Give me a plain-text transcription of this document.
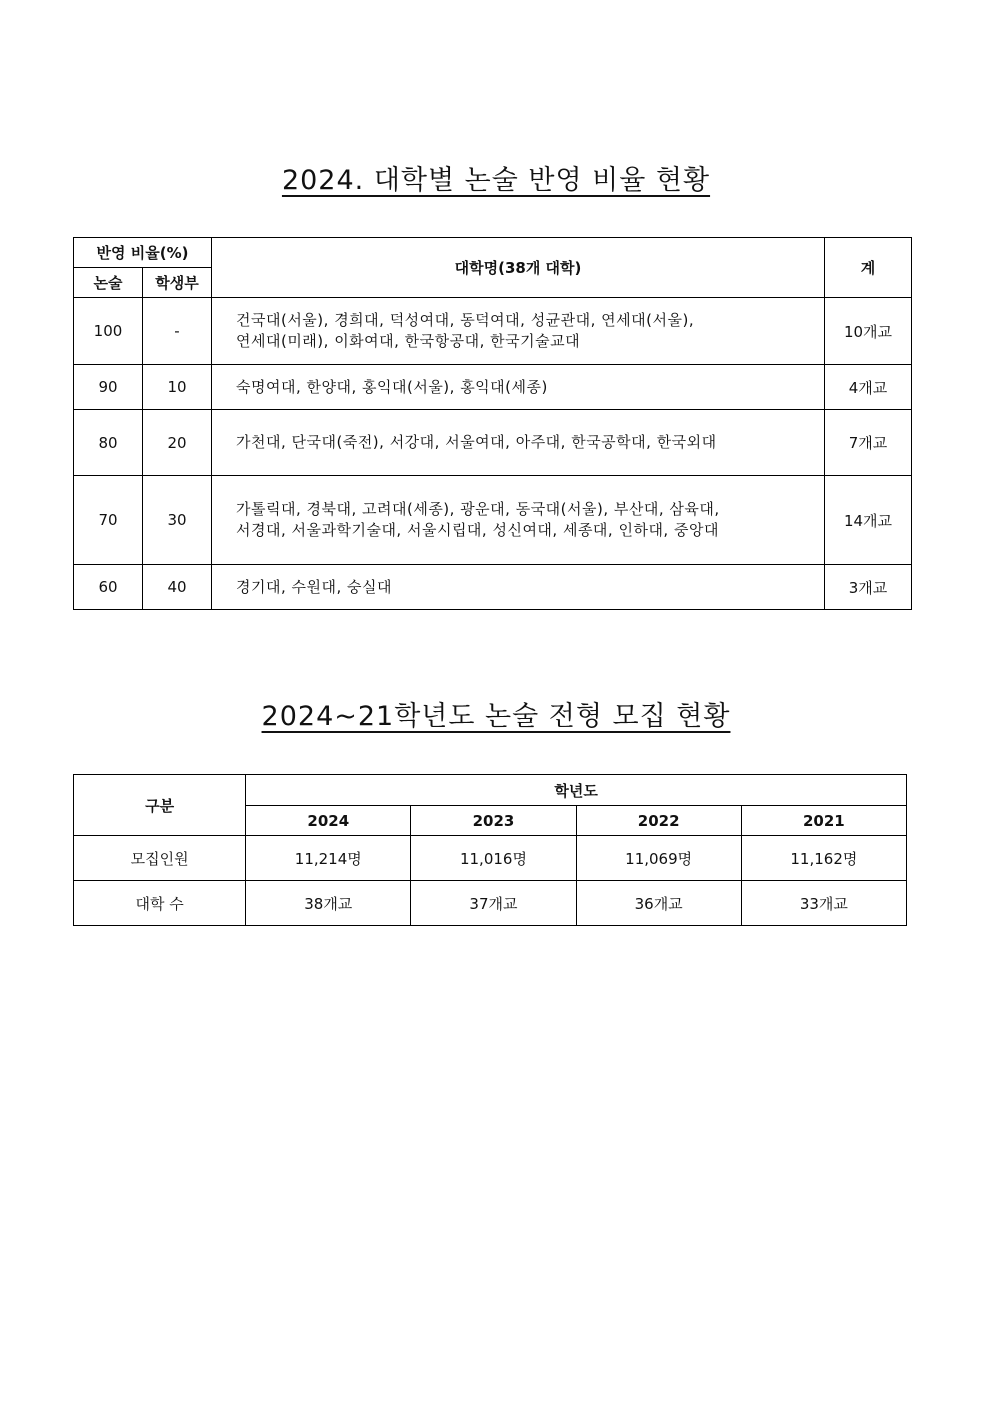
2024. 대학별 논술 반영 비율 현황
반영 비율(%)		대학명(38개 대학)	계
논술	학생부		
100	-	건국대(서울), 경희대, 덕성여대, 동덕여대, 성균관대, 연세대(서울),
연세대(미래), 이화여대, 한국항공대, 한국기술교대	10개교
90	10	숙명여대, 한양대, 홍익대(서울), 홍익대(세종)	4개교
80	20	가천대, 단국대(죽전), 서강대, 서울여대, 아주대, 한국공학대, 한국외대	7개교
70	30	가톨릭대, 경북대, 고려대(세종), 광운대, 동국대(서울), 부산대, 삼육대,
서경대, 서울과학기술대, 서울시립대, 성신여대, 세종대, 인하대, 중앙대	14개교
60	40	경기대, 수원대, 숭실대	3개교
2024~21학년도 논술 전형 모집 현황
구분	학년도			
	2024	2023	2022	2021
모집인원	11,214명	11,016명	11,069명	11,162명
대학 수	38개교	37개교	36개교	33개교
